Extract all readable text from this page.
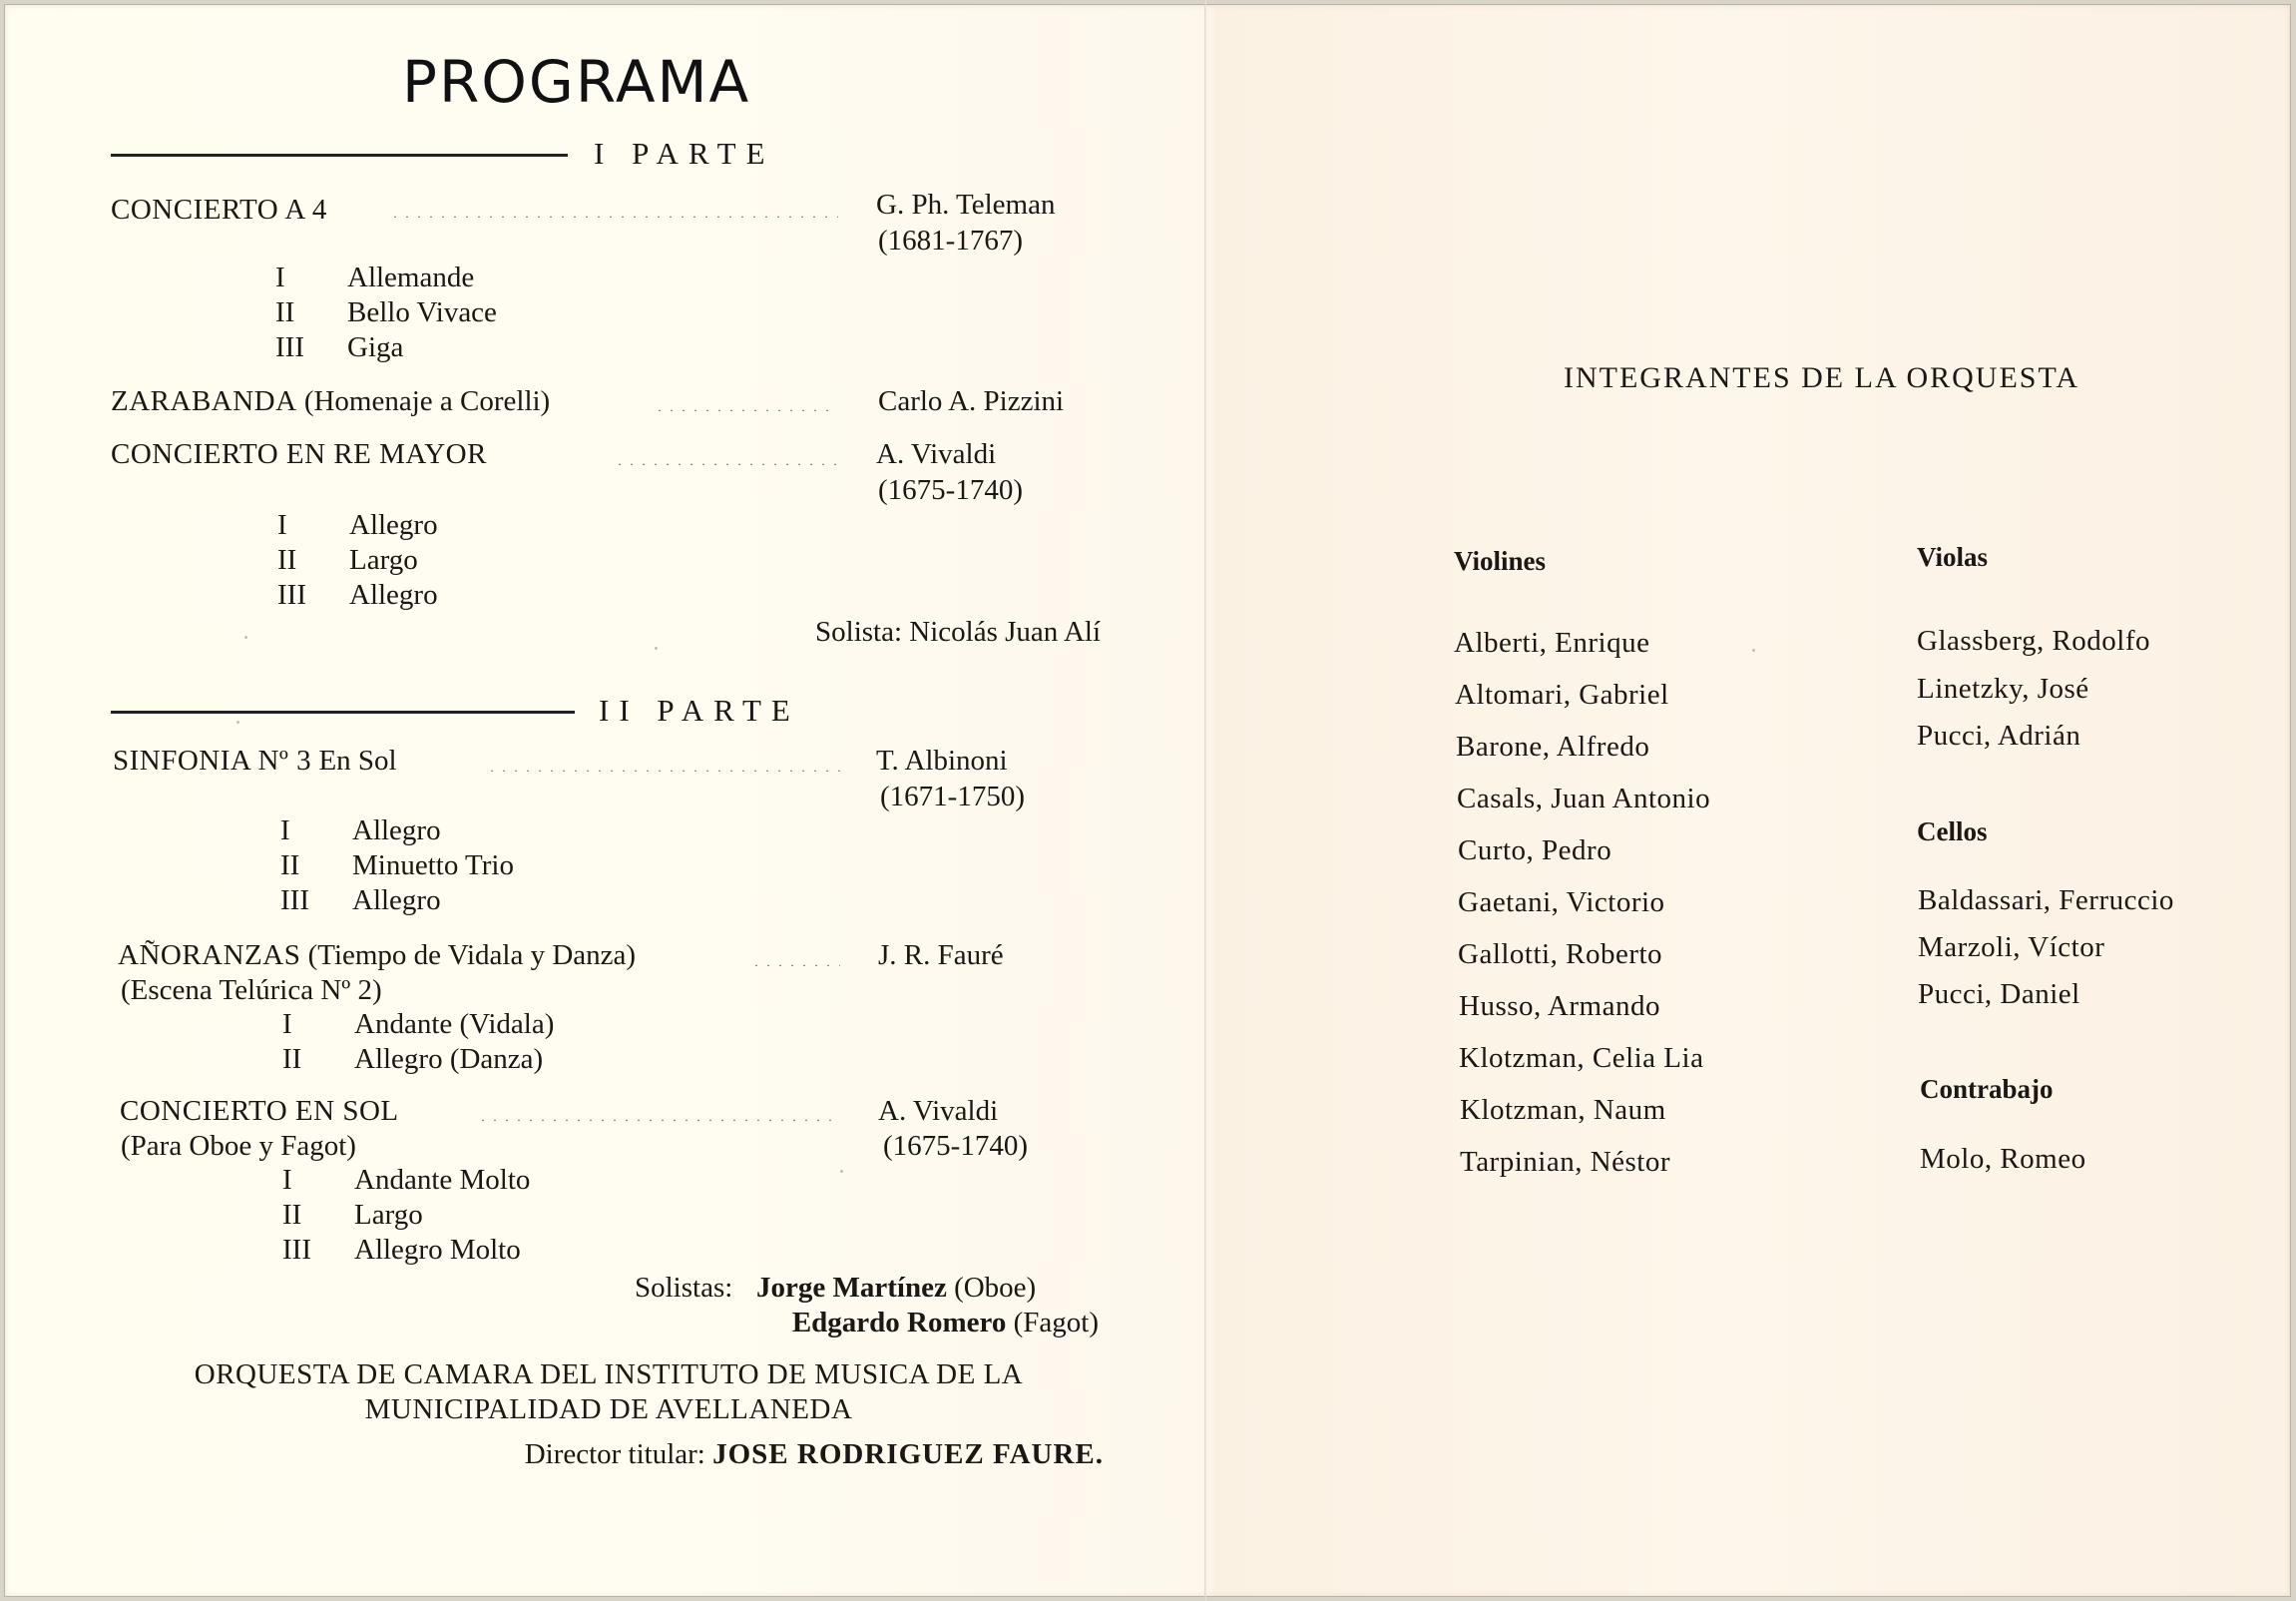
PROGRAMA
I PARTE
CONCIERTO A 4	G. Ph. Teleman
(1681-1767)
I Allemande
II Bello Vivace
III Giga
ZARABANDA (Homenaje a Corelli)	Carlo A. Pizzini
CONCIERTO EN RE MAYOR	A. Vivaldi
(1675-1740)
I Allegro
II Largo
III Allegro
Solista: Nicolás Juan Alí
II PARTE
SINFONIA Nº 3 En Sol	T. Albinoni
(1671-1750)
I Allegro
II Minuetto Trio
III Allegro
AÑORANZAS (Tiempo de Vidala y Danza)	J. R. Fauré
(Escena Telúrica Nº 2)
I Andante (Vidala)
II Allegro (Danza)
CONCIERTO EN SOL	A. Vivaldi
(Para Oboe y Fagot)	(1675-1740)
I Andante Molto
II Largo
III Allegro Molto
Solistas: Jorge Martínez (Oboe)
Edgardo Romero (Fagot)
ORQUESTA DE CAMARA DEL INSTITUTO DE MUSICA DE LA
MUNICIPALIDAD DE AVELLANEDA
Director titular: JOSE RODRIGUEZ FAURE.
INTEGRANTES DE LA ORQUESTA
Violines
Alberti, Enrique
Altomari, Gabriel
Barone, Alfredo
Casals, Juan Antonio
Curto, Pedro
Gaetani, Victorio
Gallotti, Roberto
Husso, Armando
Klotzman, Celia Lia
Klotzman, Naum
Tarpinian, Néstor
Violas
Glassberg, Rodolfo
Linetzky, José
Pucci, Adrián
Cellos
Baldassari, Ferruccio
Marzoli, Víctor
Pucci, Daniel
Contrabajo
Molo, Romeo
